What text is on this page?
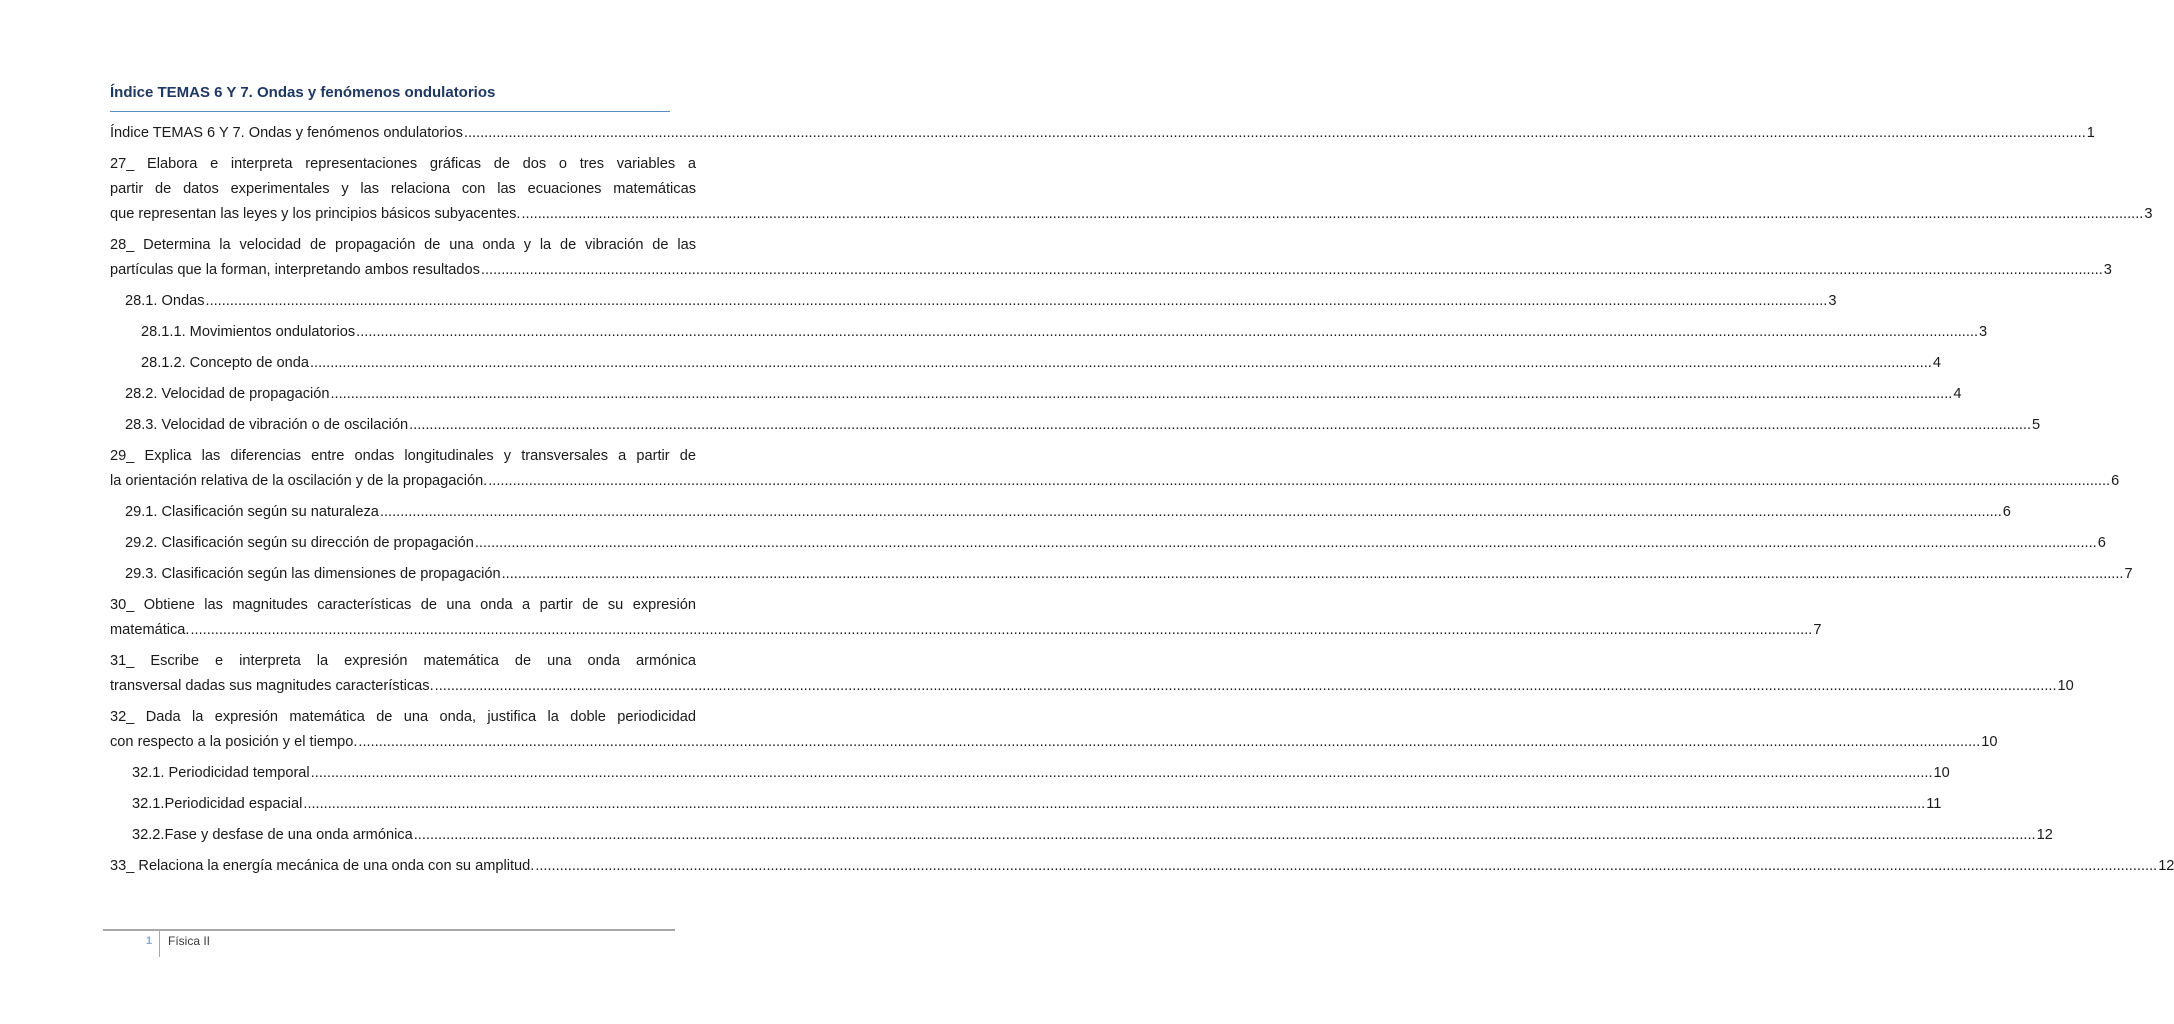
Índice TEMAS 6 Y 7. Ondas y fenómenos ondulatorios
Índice TEMAS 6 Y 7. Ondas y fenómenos ondulatorios ................................................................................................................................................................................................................................................................................................................................................................................................................ 1
27_ Elabora e interpreta representaciones gráficas de dos o tres variables a
partir de datos experimentales y las relaciona con las ecuaciones matemáticas
que representan las leyes y los principios básicos subyacentes. ................................................................................................................................................................................................................................................................................................................................................................................................................ 3
28_ Determina la velocidad de propagación de una onda y la de vibración de las
partículas que la forman, interpretando ambos resultados ................................................................................................................................................................................................................................................................................................................................................................................................................ 3
28.1. Ondas ................................................................................................................................................................................................................................................................................................................................................................................................................ 3
28.1.1. Movimientos ondulatorios ................................................................................................................................................................................................................................................................................................................................................................................................................ 3
28.1.2. Concepto de onda ................................................................................................................................................................................................................................................................................................................................................................................................................ 4
28.2. Velocidad de propagación ................................................................................................................................................................................................................................................................................................................................................................................................................ 4
28.3. Velocidad de vibración o de oscilación ................................................................................................................................................................................................................................................................................................................................................................................................................ 5
29_ Explica las diferencias entre ondas longitudinales y transversales a partir de
la orientación relativa de la oscilación y de la propagación. ................................................................................................................................................................................................................................................................................................................................................................................................................ 6
29.1. Clasificación según su naturaleza ................................................................................................................................................................................................................................................................................................................................................................................................................ 6
29.2. Clasificación según su dirección de propagación ................................................................................................................................................................................................................................................................................................................................................................................................................ 6
29.3. Clasificación según las dimensiones de propagación ................................................................................................................................................................................................................................................................................................................................................................................................................ 7
30_ Obtiene las magnitudes características de una onda a partir de su expresión
matemática. ................................................................................................................................................................................................................................................................................................................................................................................................................ 7
31_ Escribe e interpreta la expresión matemática de una onda armónica
transversal dadas sus magnitudes características. ................................................................................................................................................................................................................................................................................................................................................................................................................ 10
32_ Dada la expresión matemática de una onda, justifica la doble periodicidad
con respecto a la posición y el tiempo. ................................................................................................................................................................................................................................................................................................................................................................................................................ 10
32.1. Periodicidad temporal ................................................................................................................................................................................................................................................................................................................................................................................................................ 10
32.1. Periodicidad espacial ................................................................................................................................................................................................................................................................................................................................................................................................................ 11
32.2. Fase y desfase de una onda armónica ................................................................................................................................................................................................................................................................................................................................................................................................................ 12
33_ Relaciona la energía mecánica de una onda con su amplitud. ................................................................................................................................................................................................................................................................................................................................................................................................................ 12
1 Física II
